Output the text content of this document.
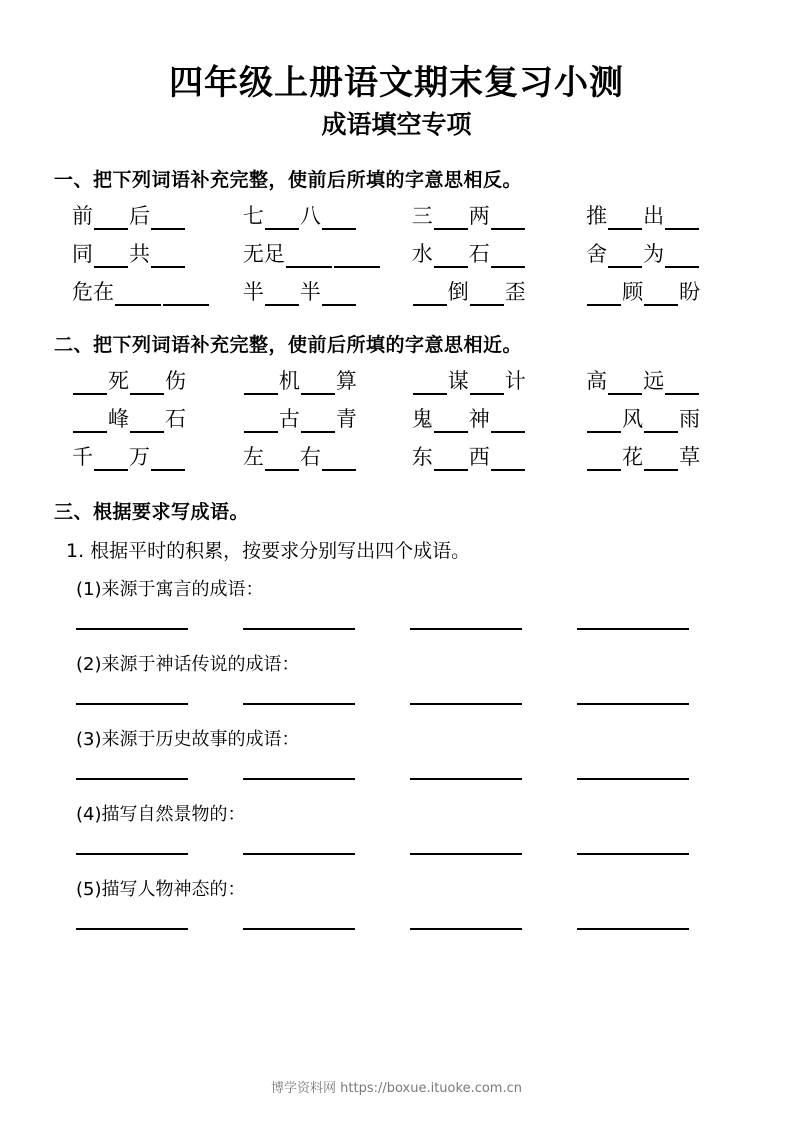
四年级上册语文期末复习小测
成语填空专项
一、把下列词语补充完整，使前后所填的字意思相反。
前 后	七 八	三 两	推 出
同 共	无 足	水 石	舍 为
危 在	半 半	倒 歪	顾 盼
二、把下列词语补充完整，使前后所填的字意思相近。
死 伤	机 算	谋 计	高 远
峰 石	古 青	鬼 神	风 雨
千 万	左 右	东 西	花 草
三、根据要求写成语。
1. 根据平时的积累，按要求分别写出四个成语。
(1)来源于寓言的成语：
(2)来源于神话传说的成语：
(3)来源于历史故事的成语：
(4)描写自然景物的：
(5)描写人物神态的：
博学资料网 https://boxue.ituoke.com.cn
